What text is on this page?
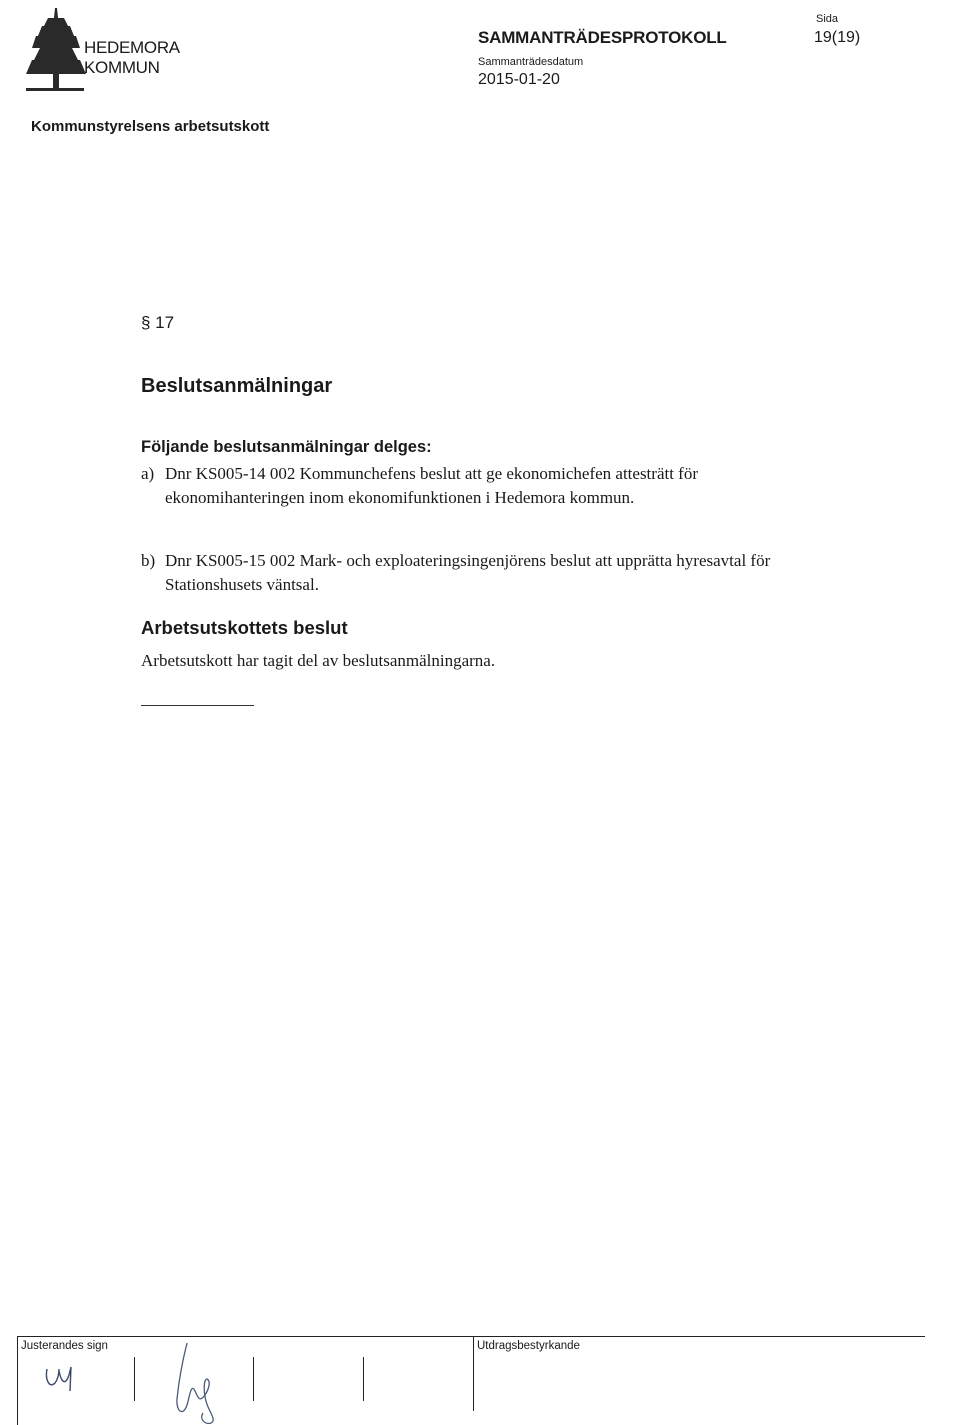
HEDEMORA
KOMMUN
SAMMANTRÄDESPROTOKOLL
Sammanträdesdatum
2015-01-20
Sida
19(19)
Kommunstyrelsens arbetsutskott
§ 17
Beslutsanmälningar
Följande beslutsanmälningar delges:
a) Dnr KS005-14 002 Kommunchefens beslut att ge ekonomichefen attesträtt för ekonomihanteringen inom ekonomifunktionen i Hedemora kommun.
b) Dnr KS005-15 002 Mark- och exploateringsingenjörens beslut att upprätta hyresavtal för Stationshusets väntsal.
Arbetsutskottets beslut
Arbetsutskott har tagit del av beslutsanmälningarna.
Justerandes sign	Utdragsbestyrkande
